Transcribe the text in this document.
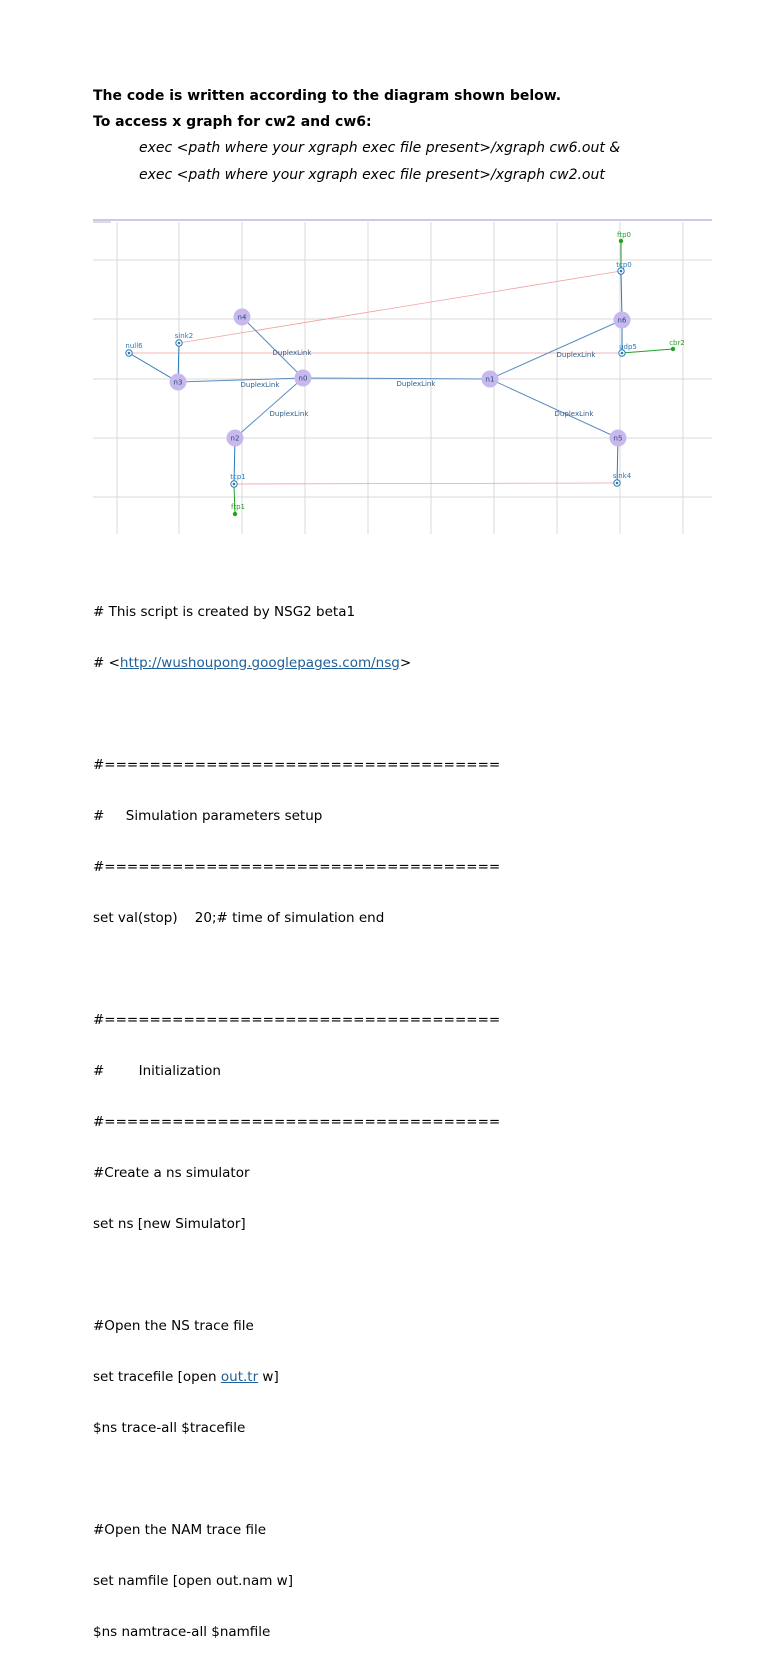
The code is written according to the diagram shown below.
To access x graph for cw2 and cw6:
exec <path where your xgraph exec file present>/xgraph cw6.out &
exec <path where your xgraph exec file present>/xgraph cw2.out
DuplexLink
DuplexLink	DuplexLink
DuplexLink
DuplexLink
DuplexLink
n0	n1
n2
n3
n4
n5
n6
sink2
null6
tcp1	sink4
udp5
tcp0
ftp0
cbr2
ftp1

# This script is created by NSG2 beta1

# <http://wushoupong.googlepages.com/nsg>

#===================================

#     Simulation parameters setup

#===================================

set val(stop)    20;# time of simulation end

#===================================

#        Initialization

#===================================

#Create a ns simulator

set ns [new Simulator]

#Open the NS trace file

set tracefile [open out.tr w]

$ns trace-all $tracefile

#Open the NAM trace file

set namfile [open out.nam w]

$ns namtrace-all $namfile
